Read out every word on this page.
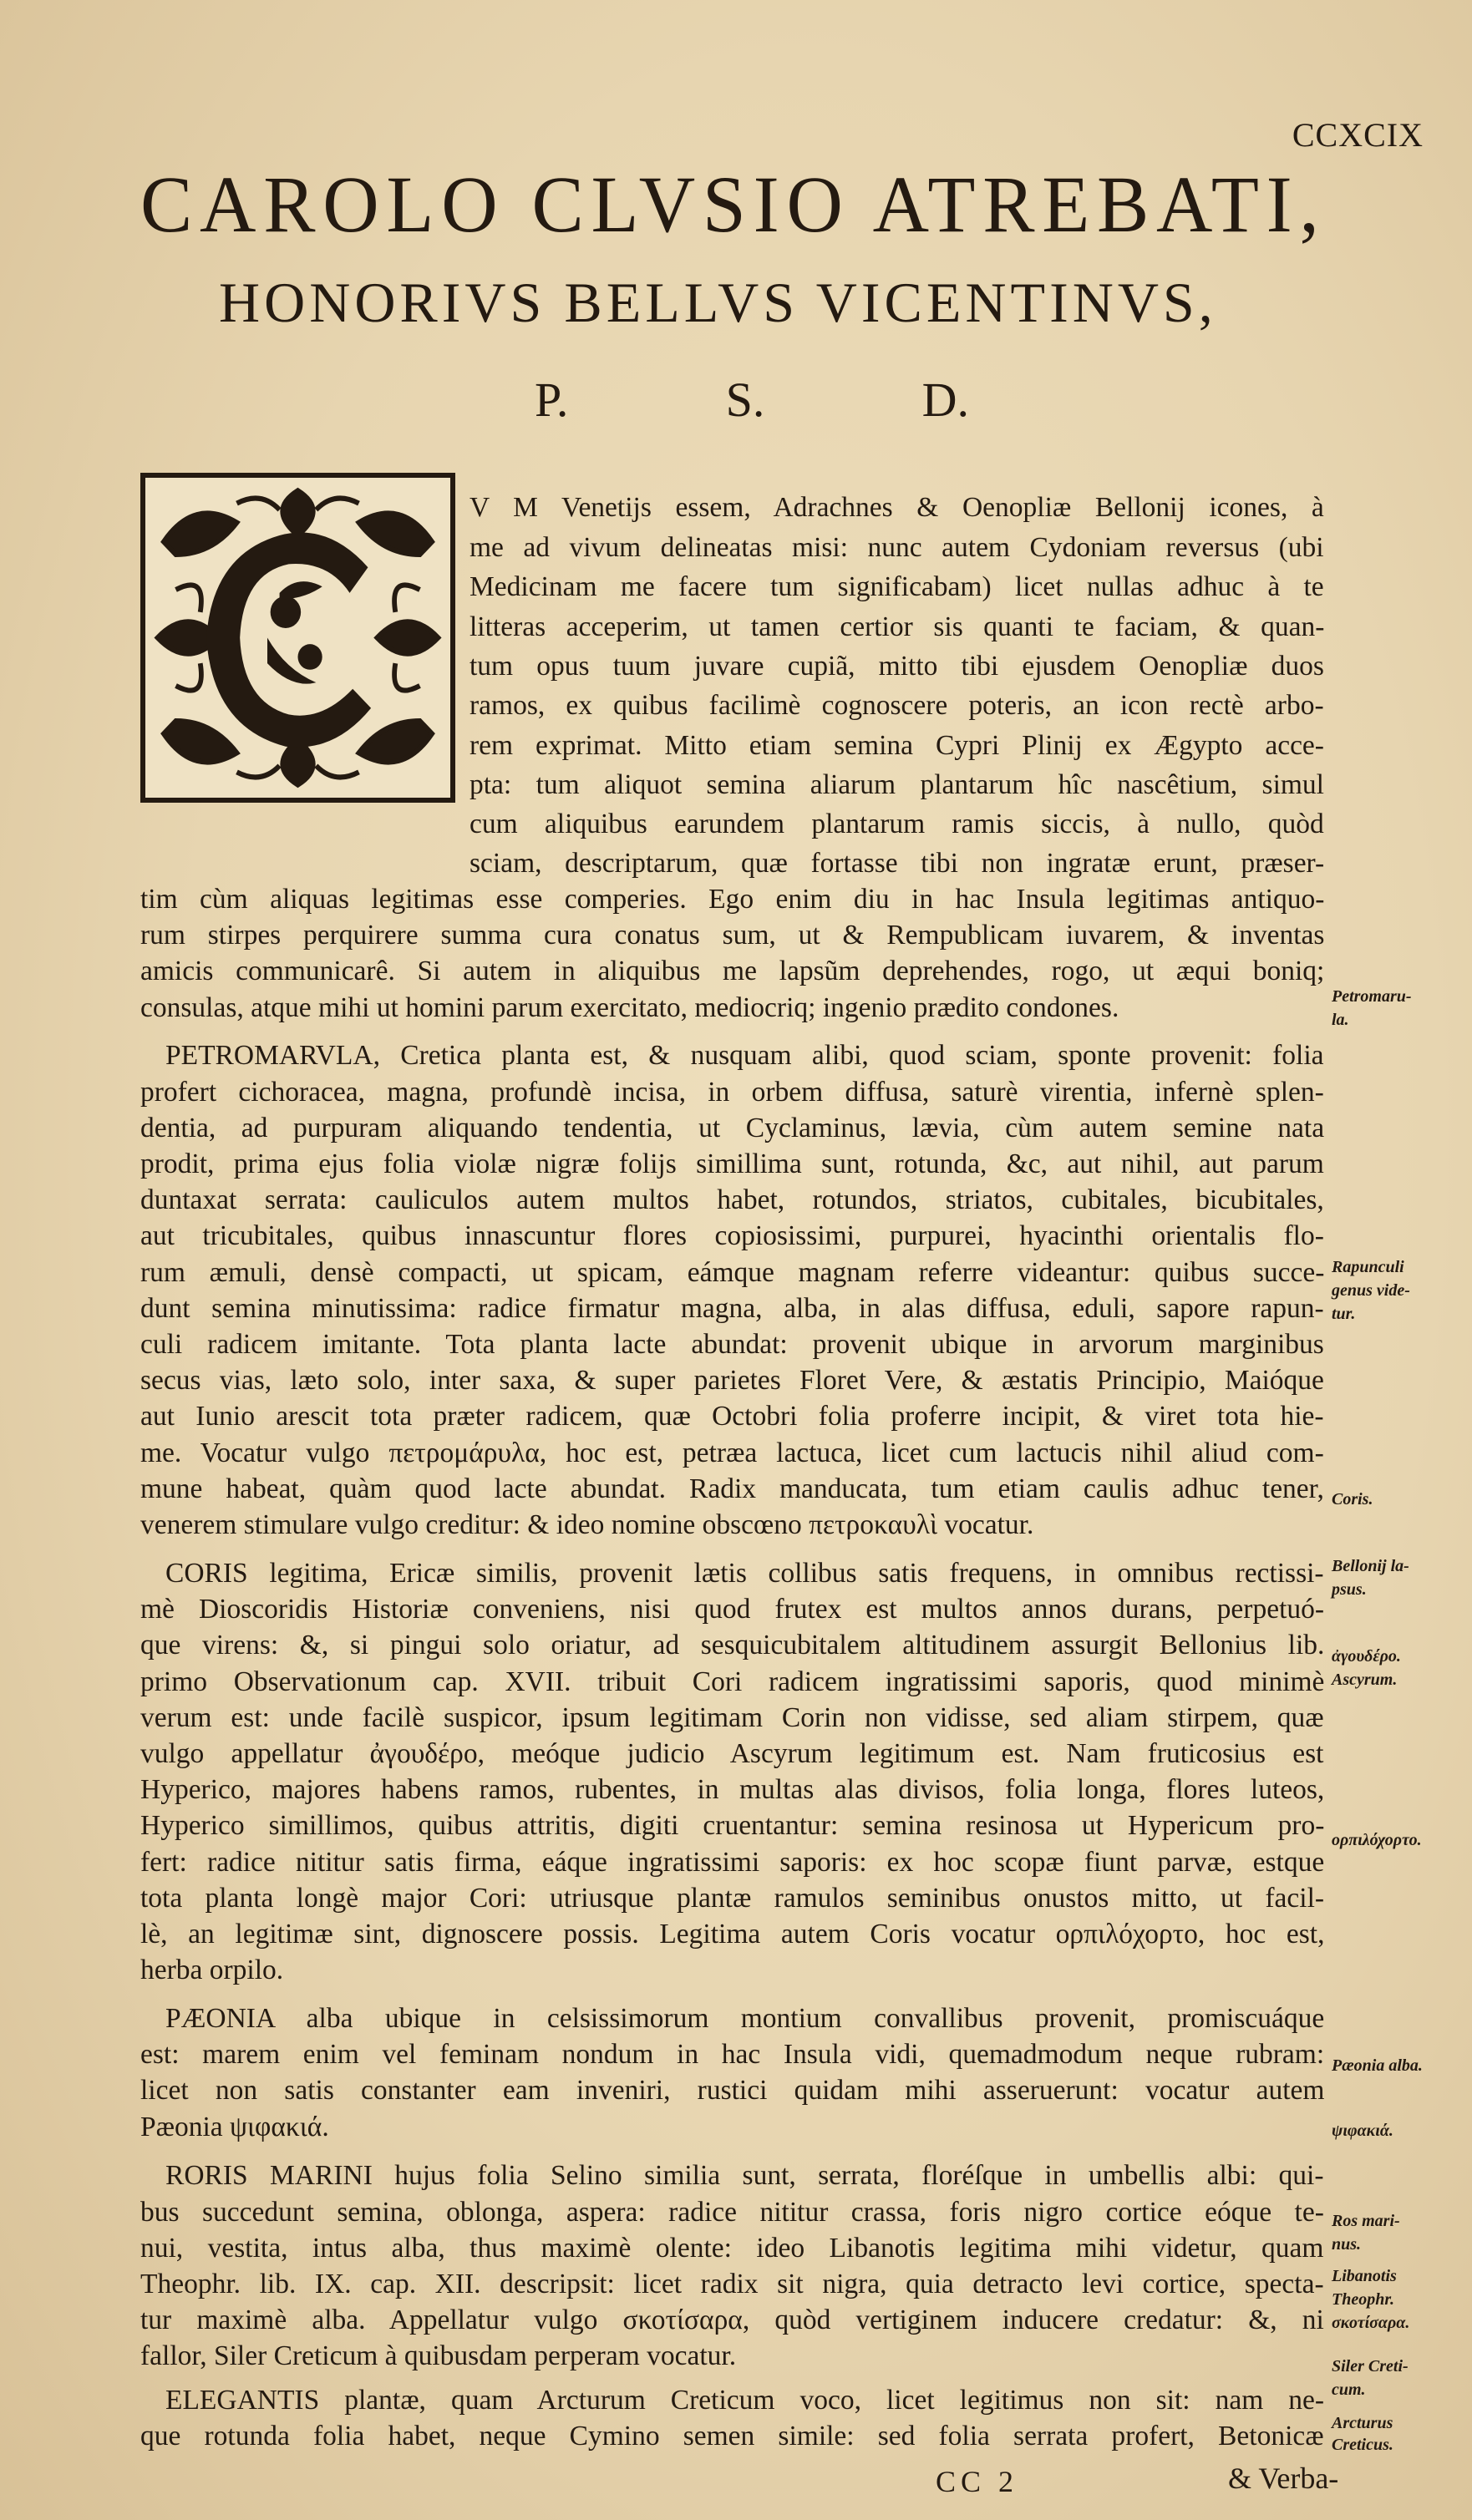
CCXCIX
CAROLO CLVSIO ATREBATI,
HONORIVS BELLVS VICENTINVS,
P.	S.	D.
V M Venetijs essem, Adrachnes & Oenopliæ Bellonij icones, à
me ad vivum delineatas misi: nunc autem Cydoniam reversus (ubi
Medicinam me facere tum significabam) licet nullas adhuc à te
litteras acceperim, ut tamen certior sis quanti te faciam, & quan-
tum opus tuum juvare cupiã, mitto tibi ejusdem Oenopliæ duos
ramos, ex quibus facilimè cognoscere poteris, an icon rectè arbo-
rem exprimat. Mitto etiam semina Cypri Plinij ex Ægypto acce-
pta: tum aliquot semina aliarum plantarum hîc nascêtium, simul
cum aliquibus earundem plantarum ramis siccis, à nullo, quòd
sciam, descriptarum, quæ fortasse tibi non ingratæ erunt, præser-
tim cùm aliquas legitimas esse comperies. Ego enim diu in hac Insula legitimas antiquo-
rum stirpes perquirere summa cura conatus sum, ut & Rempublicam iuvarem, & inventas
amicis communicarê. Si autem in aliquibus me lapsũm deprehendes, rogo, ut æqui boniq;
consulas, atque mihi ut homini parum exercitato, mediocriq; ingenio prædito condones.
PETROMARVLA, Cretica planta est, & nusquam alibi, quod sciam, sponte provenit: folia
profert cichoracea, magna, profundè incisa, in orbem diffusa, saturè virentia, infernè splen-
dentia, ad purpuram aliquando tendentia, ut Cyclaminus, lævia, cùm autem semine nata
prodit, prima ejus folia violæ nigræ folijs simillima sunt, rotunda, &c, aut nihil, aut parum
duntaxat serrata: cauliculos autem multos habet, rotundos, striatos, cubitales, bicubitales,
aut tricubitales, quibus innascuntur flores copiosissimi, purpurei, hyacinthi orientalis flo-
rum æmuli, densè compacti, ut spicam, eámque magnam referre videantur: quibus succe-
dunt semina minutissima: radice firmatur magna, alba, in alas diffusa, eduli, sapore rapun-
culi radicem imitante. Tota planta lacte abundat: provenit ubique in arvorum marginibus
secus vias, læto solo, inter saxa, & super parietes Floret Vere, & æstatis Principio, Maióque
aut Iunio arescit tota præter radicem, quæ Octobri folia proferre incipit, & viret tota hie-
me. Vocatur vulgo πετρομάρυλα, hoc est, petræa lactuca, licet cum lactucis nihil aliud com-
mune habeat, quàm quod lacte abundat. Radix manducata, tum etiam caulis adhuc tener,
venerem stimulare vulgo creditur: & ideo nomine obscœno πετροκαυλὶ vocatur.
CORIS legitima, Ericæ similis, provenit lætis collibus satis frequens, in omnibus rectissi-
mè Dioscoridis Historiæ conveniens, nisi quod frutex est multos annos durans, perpetuó-
que virens: &, si pingui solo oriatur, ad sesquicubitalem altitudinem assurgit Bellonius lib.
primo Observationum cap. XVII. tribuit Cori radicem ingratissimi saporis, quod minimè
verum est: unde facilè suspicor, ipsum legitimam Corin non vidisse, sed aliam stirpem, quæ
vulgo appellatur ἀγουδέρο, meóque judicio Ascyrum legitimum est. Nam fruticosius est
Hyperico, majores habens ramos, rubentes, in multas alas divisos, folia longa, flores luteos,
Hyperico simillimos, quibus attritis, digiti cruentantur: semina resinosa ut Hypericum pro-
fert: radice nititur satis firma, eáque ingratissimi saporis: ex hoc scopæ fiunt parvæ, estque
tota planta longè major Cori: utriusque plantæ ramulos seminibus onustos mitto, ut facil-
lè, an legitimæ sint, dignoscere possis. Legitima autem Coris vocatur ορπιλόχορτο, hoc est,
herba orpilo.
PÆONIA alba ubique in celsissimorum montium convallibus provenit, promiscuáque
est: marem enim vel feminam nondum in hac Insula vidi, quemadmodum neque rubram:
licet non satis constanter eam inveniri, rustici quidam mihi asseruerunt: vocatur autem
Pæonia ψιφακιά.
RORIS MARINI hujus folia Selino similia sunt, serrata, floréſque in umbellis albi: qui-
bus succedunt semina, oblonga, aspera: radice nititur crassa, foris nigro cortice eóque te-
nui, vestita, intus alba, thus maximè olente: ideo Libanotis legitima mihi videtur, quam
Theophr. lib. IX. cap. XII. descripsit: licet radix sit nigra, quia detracto levi cortice, specta-
tur maximè alba. Appellatur vulgo σκοτίσαρα, quòd vertiginem inducere credatur: &, ni
fallor, Siler Creticum à quibusdam perperam vocatur.
ELEGANTIS plantæ, quam Arcturum Creticum voco, licet legitimus non sit: nam ne-
que rotunda folia habet, neque Cymino semen simile: sed folia serrata profert, Betonicæ
Petromaru-
la.
Rapunculi
genus vide-
tur.
Coris.
Bellonij la-
psus.
ἀγουδέρο.
Ascyrum.
ορπιλόχορτο.
Pæonia alba.
ψιφακιά.
Ros mari-
nus.
Libanotis
Theophr.
σκοτίσαρα.
Siler Creti-
cum.
Arcturus
Creticus.
CC 2	& Verba-
